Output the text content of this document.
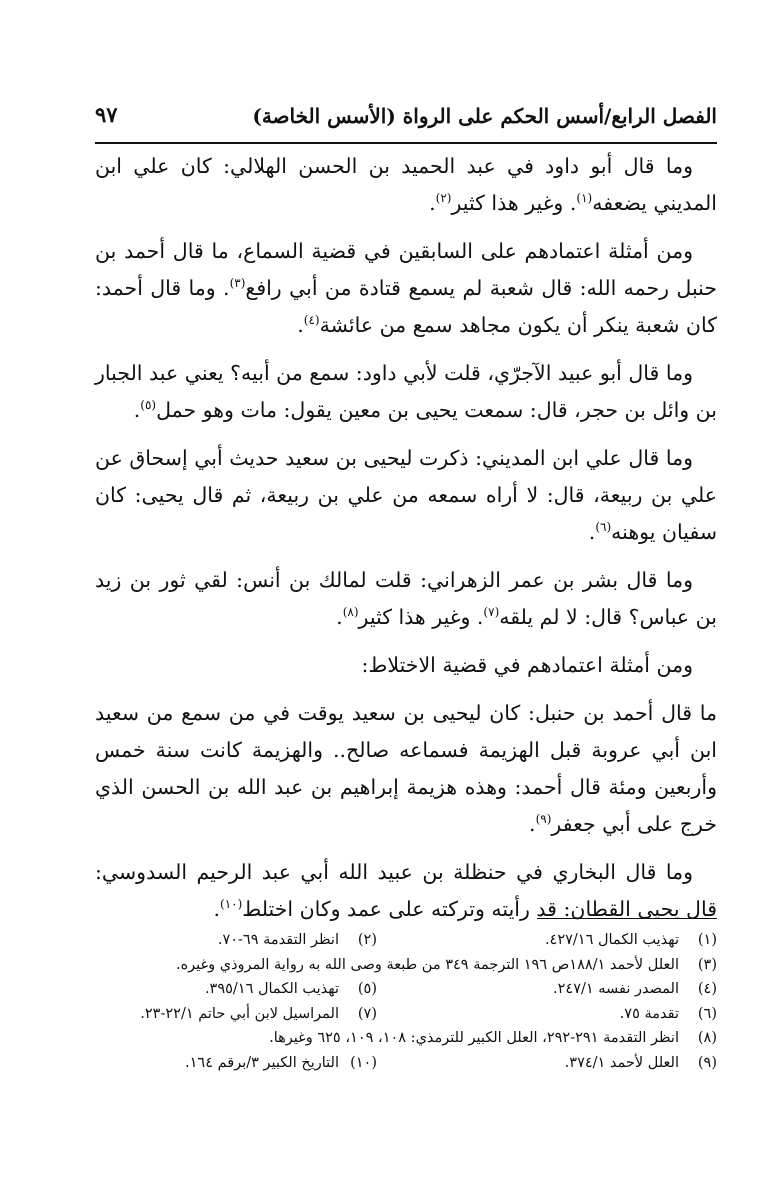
الفصل الرابع/أسس الحكم على الرواة (الأسس الخاصة)
٩٧

وما قال أبو داود في عبد الحميد بن الحسن الهلالي: كان علي ابن المديني يضعفه$^{(١)}$. وغير هذا كثير$^{(٢)}$.

ومن أمثلة اعتمادهم على السابقين في قضية السماع، ما قال أحمد بن حنبل رحمه الله: قال شعبة لم يسمع قتادة من أبي رافع$^{(٣)}$. وما قال أحمد: كان شعبة ينكر أن يكون مجاهد سمع من عائشة$^{(٤)}$.

وما قال أبو عبيد الآجرّي، قلت لأبي داود: سمع من أبيه؟ يعني عبد الجبار بن وائل بن حجر، قال: سمعت يحيى بن معين يقول: مات وهو حمل$^{(٥)}$.

وما قال علي ابن المديني: ذكرت ليحيى بن سعيد حديث أبي إسحاق عن علي بن ربيعة، قال: لا أراه سمعه من علي بن ربيعة، ثم قال يحيى: كان سفيان يوهنه$^{(٦)}$.

وما قال بشر بن عمر الزهراني: قلت لمالك بن أنس: لقي ثور بن زيد بن عباس؟ قال: لا لم يلقه$^{(٧)}$. وغير هذا كثير$^{(٨)}$.

ومن أمثلة اعتمادهم في قضية الاختلاط:

ما قال أحمد بن حنبل: كان ليحيى بن سعيد يوقت في من سمع من سعيد ابن أبي عروبة قبل الهزيمة فسماعه صالح.. والهزيمة كانت سنة خمس وأربعين ومئة قال أحمد: وهذه هزيمة إبراهيم بن عبد الله بن الحسن الذي خرج على أبي جعفر$^{(٩)}$.

وما قال البخاري في حنظلة بن عبيد الله أبي عبد الرحيم السدوسي: قال يحيى القطان: قد رأيته وتركته على عمد وكان اختلط$^{(١٠)}$.

(١)
تهذيب الكمال ٤٢٧/١٦.
(٢)
انظر التقدمة ٦٩-٧٠.
(٣)
العلل لأحمد ١٨٨/١ص ١٩٦ الترجمة ٣٤٩ من طبعة وصى الله به رواية المروذي وغيره.
(٤)
المصدر نفسه ٢٤٧/١.
(٥)
تهذيب الكمال ٣٩٥/١٦.
(٦)
تقدمة ٧٥.
(٧)
المراسيل لابن أبي حاتم ٢٢/١-٢٣.
(٨)
انظر التقدمة ٢٩١-٢٩٢، العلل الكبير للترمذي: ١٠٨، ١٠٩، ٦٢٥ وغيرها.
(٩)
العلل لأحمد ٣٧٤/١.
(١٠)
التاريخ الكبير ٣/برقم ١٦٤.
